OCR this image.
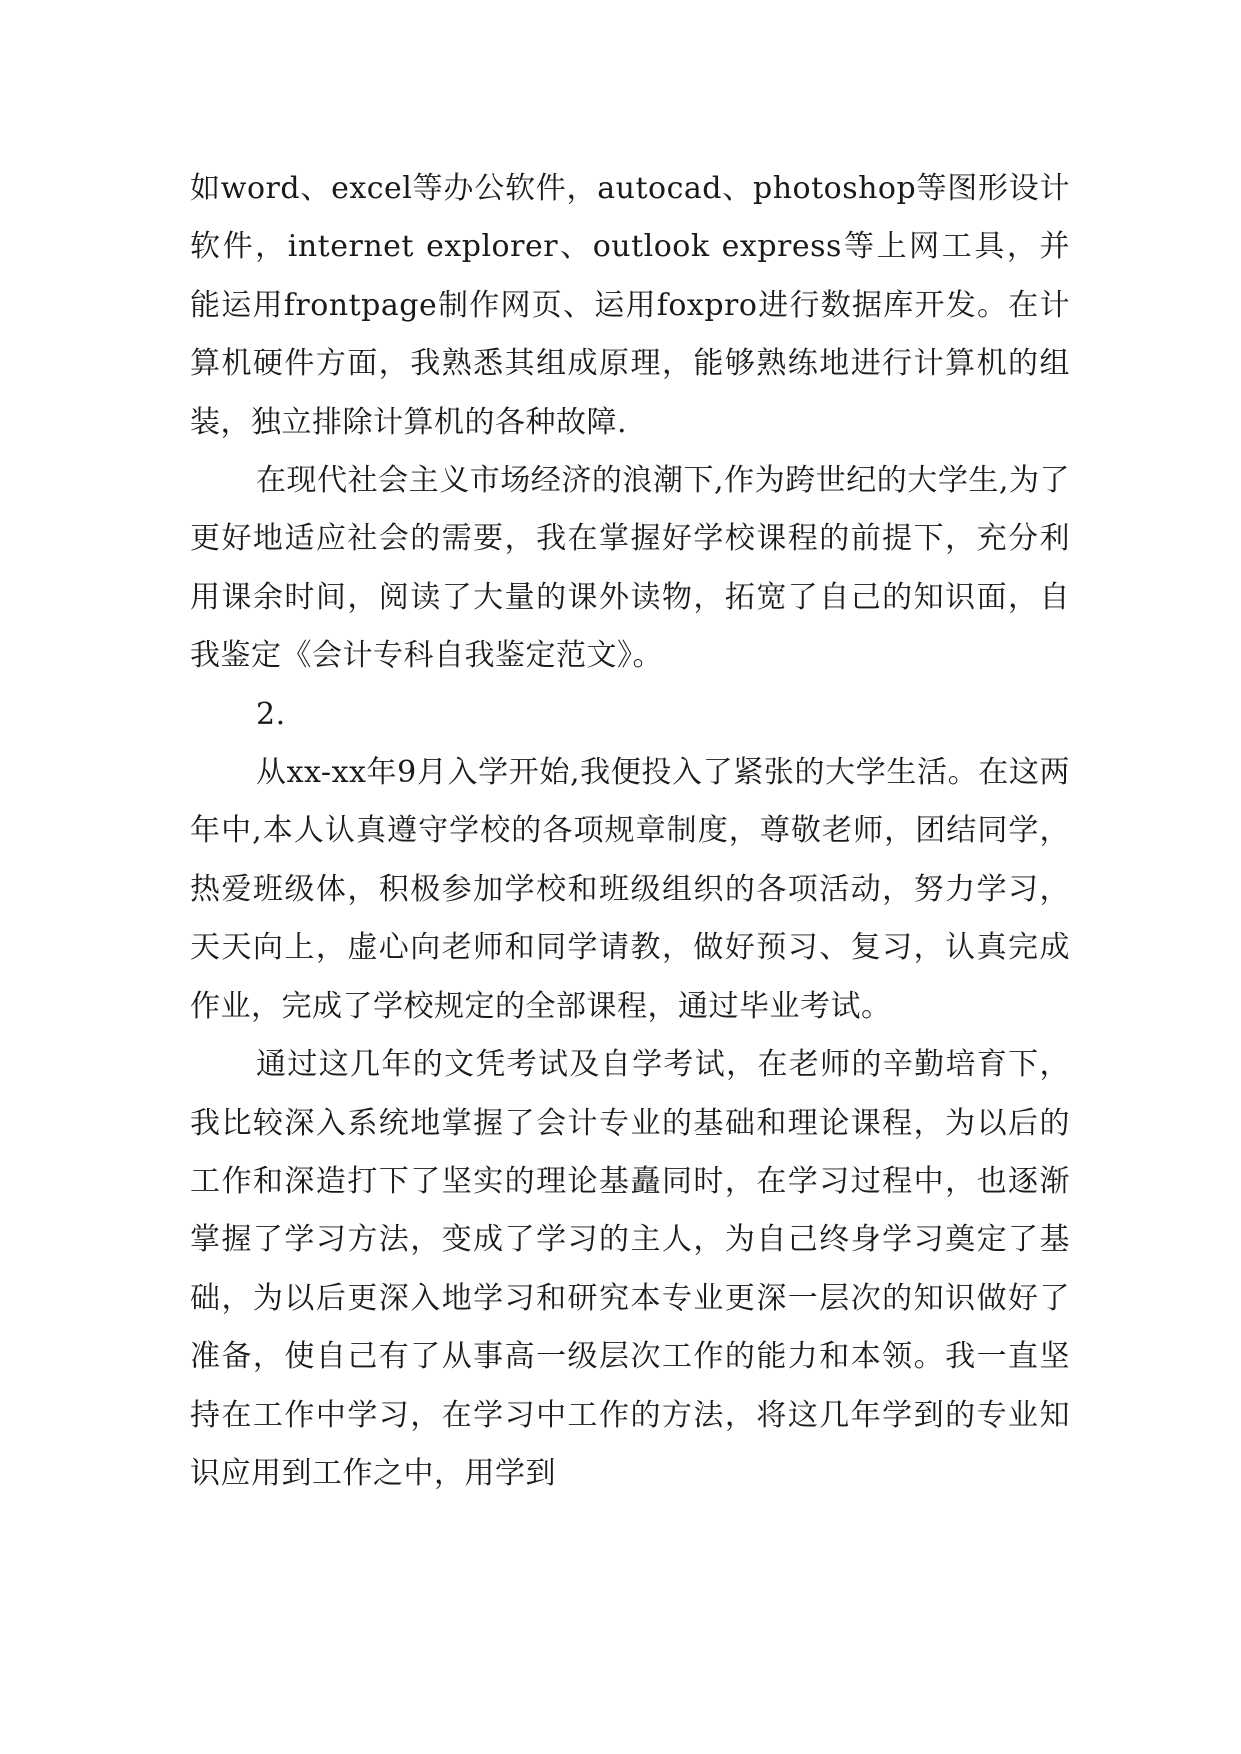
如word、excel等办公软件，autocad、photoshop等图形设计软件，internet explorer、outlook express等上网工具，并能运用frontpage制作网页、运用foxpro进行数据库开发。在计算机硬件方面，我熟悉其组成原理，能够熟练地进行计算机的组装，独立排除计算机的各种故障.

在现代社会主义市场经济的浪潮下,作为跨世纪的大学生,为了更好地适应社会的需要，我在掌握好学校课程的前提下，充分利用课余时间，阅读了大量的课外读物，拓宽了自己的知识面，自我鉴定《会计专科自我鉴定范文》。

2.

从xx-xx年9月入学开始,我便投入了紧张的大学生活。在这两年中,本人认真遵守学校的各项规章制度，尊敬老师，团结同学，热爱班级体，积极参加学校和班级组织的各项活动，努力学习，天天向上，虚心向老师和同学请教，做好预习、复习，认真完成作业，完成了学校规定的全部课程，通过毕业考试。

通过这几年的文凭考试及自学考试，在老师的辛勤培育下，我比较深入系统地掌握了会计专业的基础和理论课程，为以后的工作和深造打下了坚实的理论基矗同时，在学习过程中，也逐渐掌握了学习方法，变成了学习的主人，为自己终身学习奠定了基础，为以后更深入地学习和研究本专业更深一层次的知识做好了准备，使自己有了从事高一级层次工作的能力和本领。我一直坚持在工作中学习，在学习中工作的方法，将这几年学到的专业知识应用到工作之中，用学到
